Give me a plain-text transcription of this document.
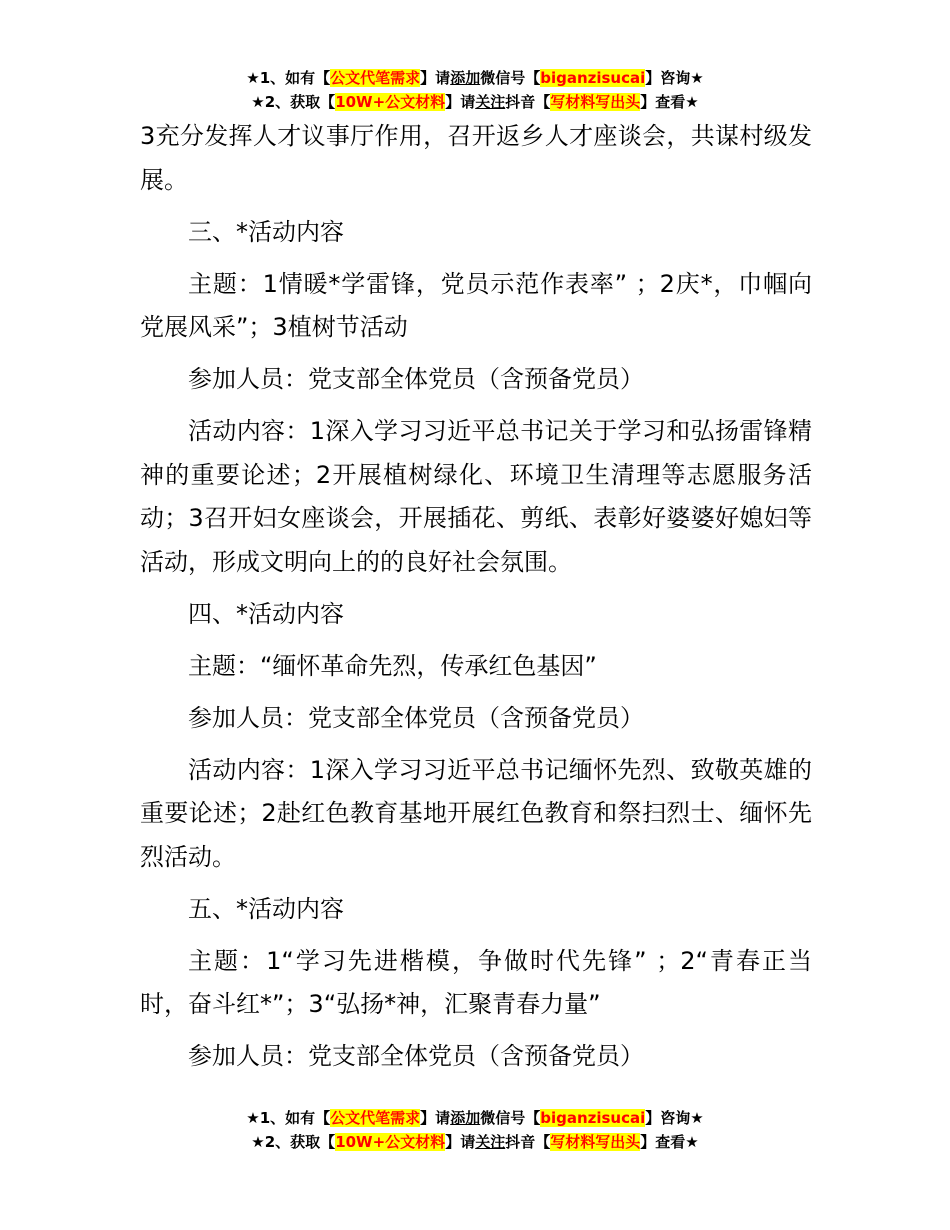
★1、如有【公文代笔需求】请添加微信号【biganzisucai】咨询★
★2、获取【10W+公文材料】请关注抖音【写材料写出头】查看★

3充分发挥人才议事厅作用，召开返乡人才座谈会，共谋村级发展。

三、*活动内容

主题：1情暖*学雷锋，党员示范作表率” ；2庆*，巾帼向党展风采”；3植树节活动

参加人员：党支部全体党员（含预备党员）

活动内容：1深入学习习近平总书记关于学习和弘扬雷锋精神的重要论述；2开展植树绿化、环境卫生清理等志愿服务活动；3召开妇女座谈会，开展插花、剪纸、表彰好婆婆好媳妇等活动，形成文明向上的的良好社会氛围。

四、*活动内容

主题：“缅怀革命先烈，传承红色基因”

参加人员：党支部全体党员（含预备党员）

活动内容：1深入学习习近平总书记缅怀先烈、致敬英雄的重要论述；2赴红色教育基地开展红色教育和祭扫烈士、缅怀先烈活动。

五、*活动内容

主题：1“学习先进楷模，争做时代先锋” ；2“青春正当时，奋斗红*”；3“弘扬*神，汇聚青春力量”

参加人员：党支部全体党员（含预备党员）

★1、如有【公文代笔需求】请添加微信号【biganzisucai】咨询★
★2、获取【10W+公文材料】请关注抖音【写材料写出头】查看★
